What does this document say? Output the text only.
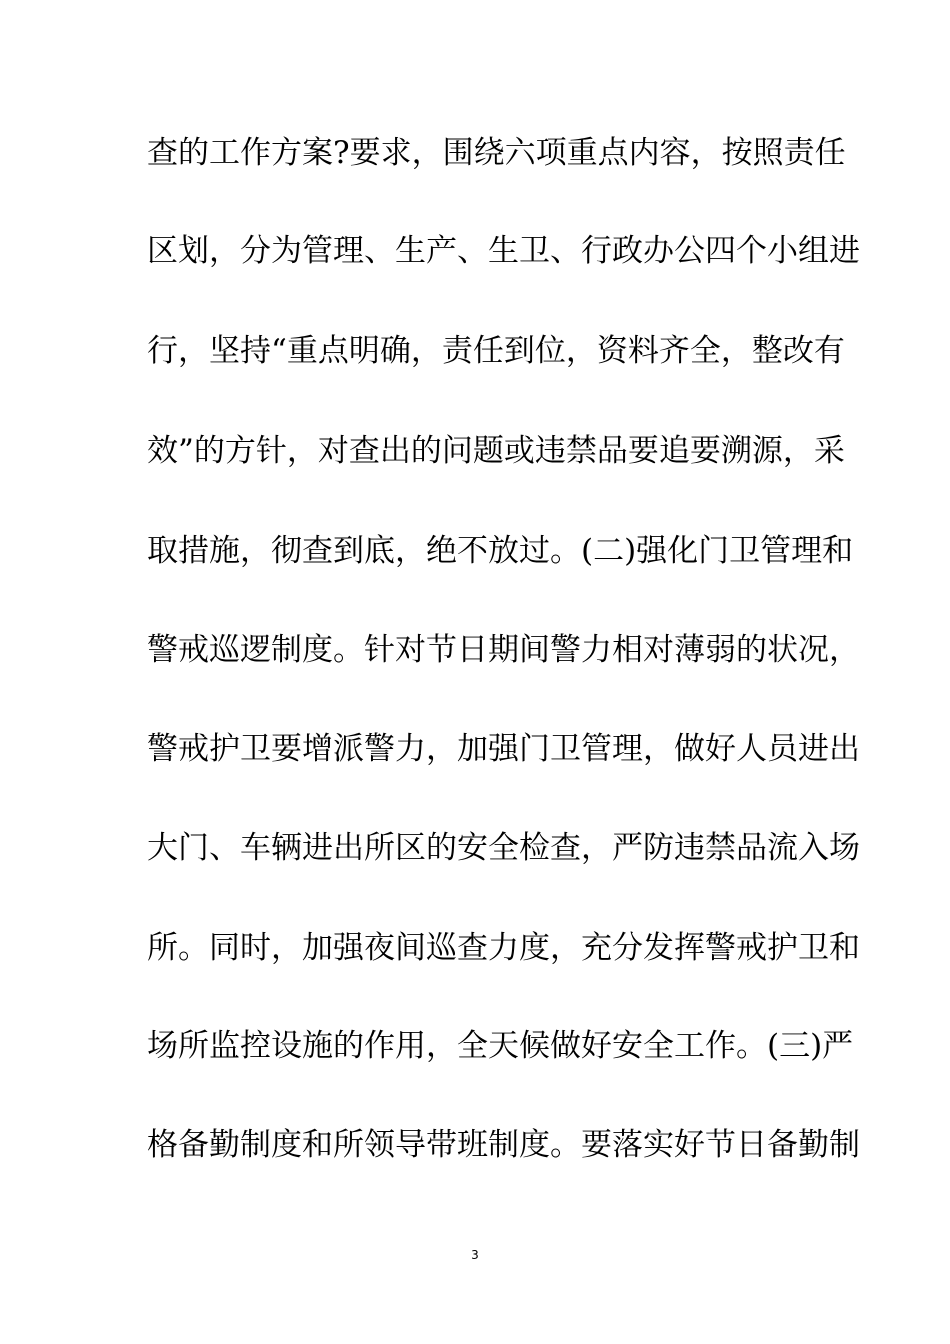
查的工作方案?要求，围绕六项重点内容，按照责任
区划，分为管理、生产、生卫、行政办公四个小组进
行，坚持“重点明确，责任到位，资料齐全，整改有
效”的方针，对查出的问题或违禁品要追要溯源，采
取措施，彻查到底，绝不放过。(二)强化门卫管理和
警戒巡逻制度。针对节日期间警力相对薄弱的状况，
警戒护卫要增派警力，加强门卫管理，做好人员进出
大门、车辆进出所区的安全检查，严防违禁品流入场
所。同时，加强夜间巡查力度，充分发挥警戒护卫和
场所监控设施的作用，全天候做好安全工作。(三)严
格备勤制度和所领导带班制度。要落实好节日备勤制
3
